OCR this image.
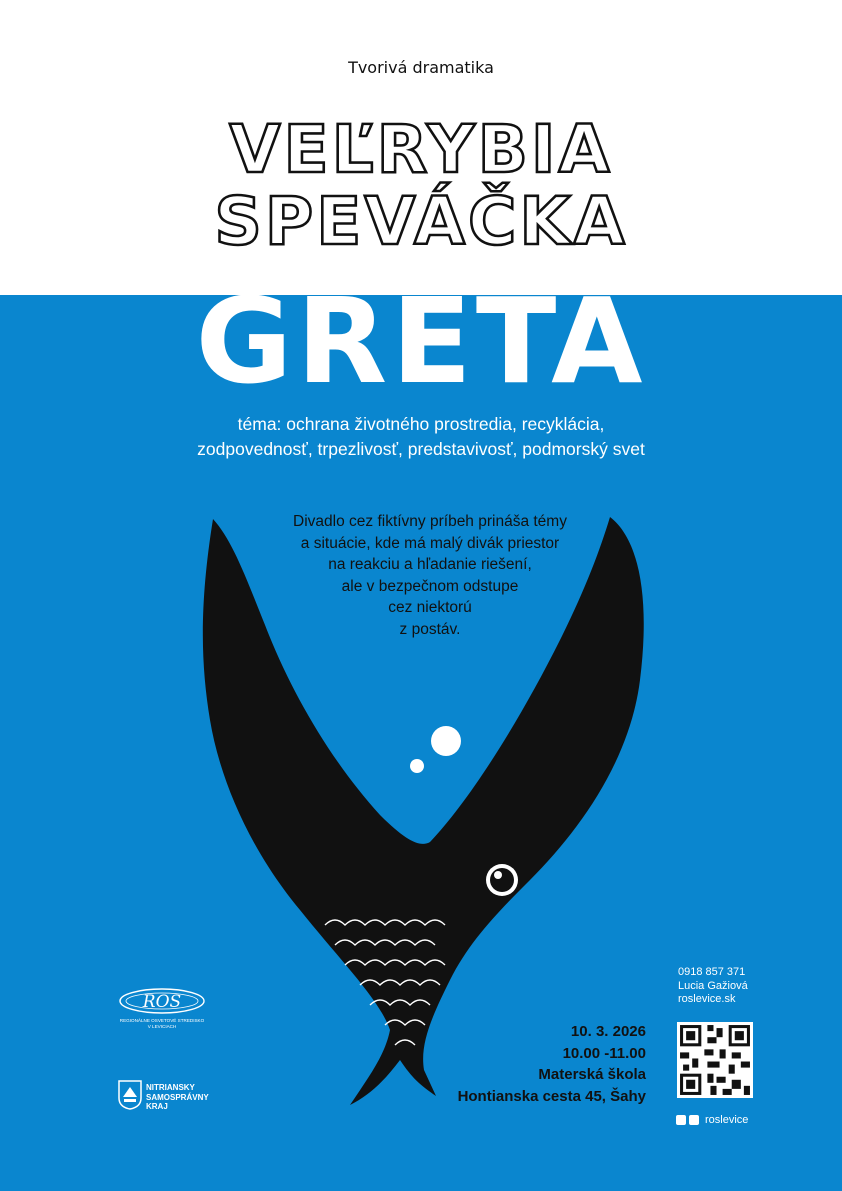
Tvorivá dramatika
VEĽRYBIA
SPEVÁČKA
GRÉTA
téma: ochrana životného prostredia, recyklácia,
zodpovednosť, trpezlivosť, predstavivosť, podmorský svet
Divadlo cez fiktívny príbeh prináša témy
a situácie, kde má malý divák priestor
na reakciu a hľadanie riešení,
ale v bezpečnom odstupe
cez niektorú
z postáv.
10. 3. 2026
10.00 -11.00
Materská škola
Hontianska cesta 45, Šahy
0918 857 371
Lucia Gažiová
roslevice.sk
roslevice
ROS
REGIONÁLNE OSVETOVÉ STREDISKO
V LEVICIACH
NITRIANSKY
SAMOSPRÁVNY
KRAJ
